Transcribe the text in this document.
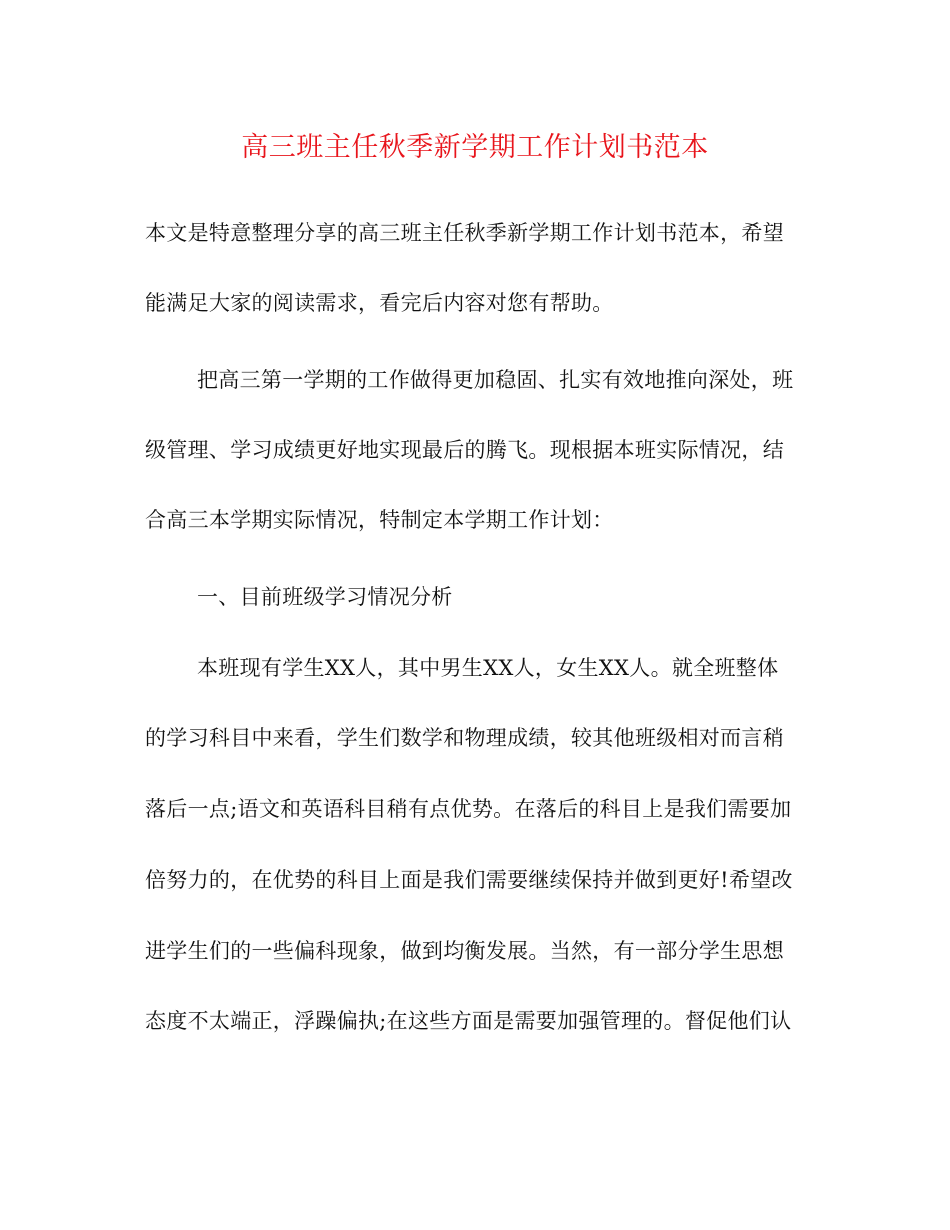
高三班主任秋季新学期工作计划书范本
本文是特意整理分享的高三班主任秋季新学期工作计划书范本，希望
能满足大家的阅读需求，看完后内容对您有帮助。
把高三第一学期的工作做得更加稳固、扎实有效地推向深处，班
级管理、学习成绩更好地实现最后的腾飞。现根据本班实际情况，结
合高三本学期实际情况，特制定本学期工作计划：
一、目前班级学习情况分析
本班现有学生XX人，其中男生XX人，女生XX人。就全班整体
的学习科目中来看，学生们数学和物理成绩，较其他班级相对而言稍
落后一点;语文和英语科目稍有点优势。在落后的科目上是我们需要加
倍努力的，在优势的科目上面是我们需要继续保持并做到更好!希望改
进学生们的一些偏科现象，做到均衡发展。当然，有一部分学生思想
态度不太端正，浮躁偏执;在这些方面是需要加强管理的。督促他们认
